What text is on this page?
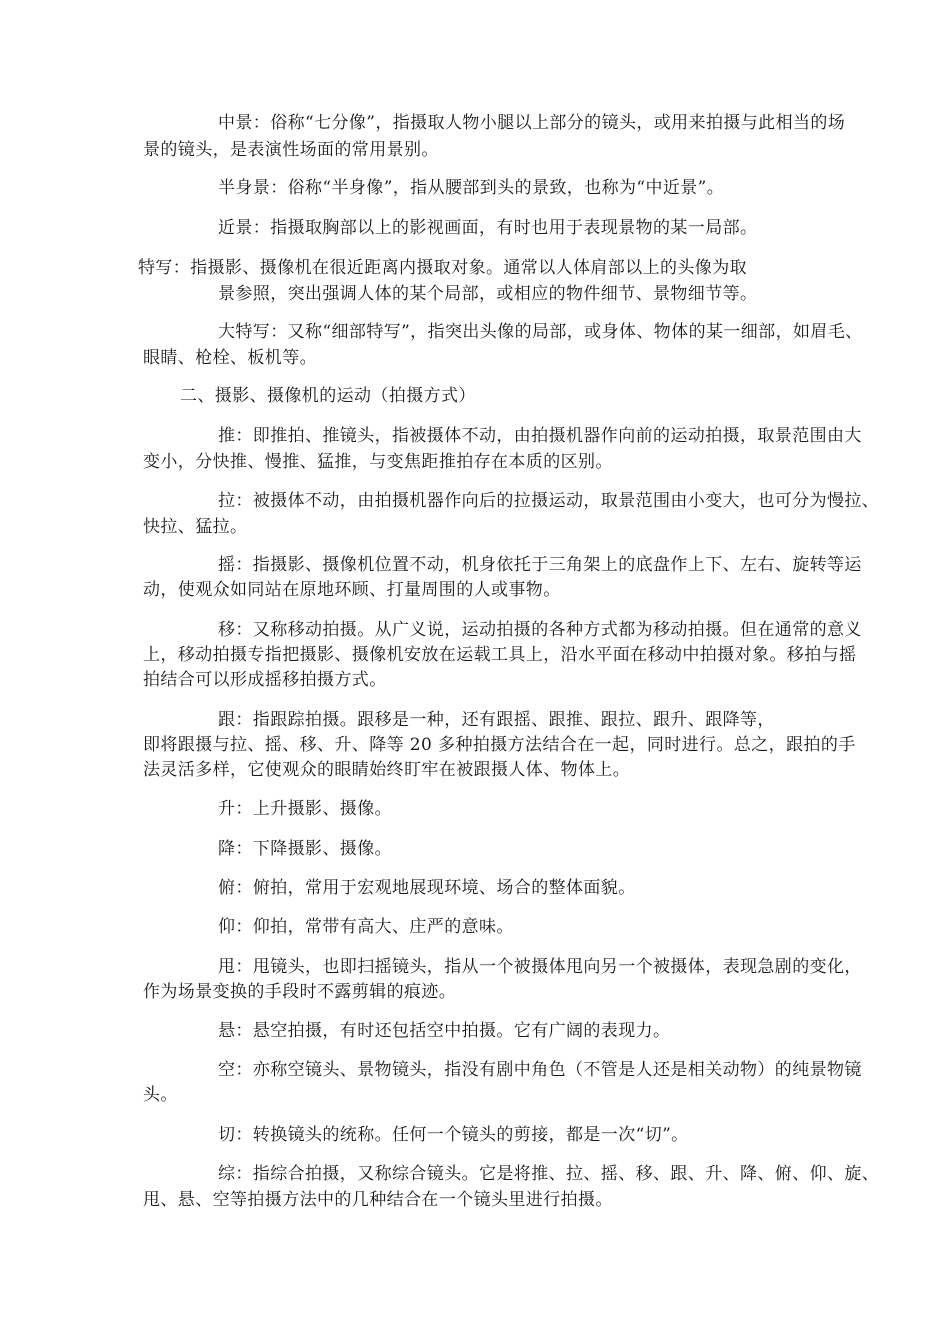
中景：俗称“七分像”，指摄取人物小腿以上部分的镜头，或用来拍摄与此相当的场
景的镜头，是表演性场面的常用景别。
半身景：俗称“半身像”，指从腰部到头的景致，也称为“中近景”。
近景：指摄取胸部以上的影视画面，有时也用于表现景物的某一局部。
特写：指摄影、摄像机在很近距离内摄取对象。通常以人体肩部以上的头像为取
景参照，突出强调人体的某个局部，或相应的物件细节、景物细节等。
大特写：又称“细部特写”，指突出头像的局部，或身体、物体的某一细部，如眉毛、
眼睛、枪栓、板机等。
二、摄影、摄像机的运动（拍摄方式）
推：即推拍、推镜头，指被摄体不动，由拍摄机器作向前的运动拍摄，取景范围由大
变小，分快推、慢推、猛推，与变焦距推拍存在本质的区别。
拉：被摄体不动，由拍摄机器作向后的拉摄运动，取景范围由小变大，也可分为慢拉、
快拉、猛拉。
摇：指摄影、摄像机位置不动，机身依托于三角架上的底盘作上下、左右、旋转等运
动，使观众如同站在原地环顾、打量周围的人或事物。
移：又称移动拍摄。从广义说，运动拍摄的各种方式都为移动拍摄。但在通常的意义
上，移动拍摄专指把摄影、摄像机安放在运载工具上，沿水平面在移动中拍摄对象。移拍与摇
拍结合可以形成摇移拍摄方式。
跟：指跟踪拍摄。跟移是一种，还有跟摇、跟推、跟拉、跟升、跟降等，
即将跟摄与拉、摇、移、升、降等 20 多种拍摄方法结合在一起，同时进行。总之，跟拍的手
法灵活多样，它使观众的眼睛始终盯牢在被跟摄人体、物体上。
升：上升摄影、摄像。
降：下降摄影、摄像。
俯：俯拍，常用于宏观地展现环境、场合的整体面貌。
仰：仰拍，常带有高大、庄严的意味。
甩：甩镜头，也即扫摇镜头，指从一个被摄体甩向另一个被摄体，表现急剧的变化，
作为场景变换的手段时不露剪辑的痕迹。
悬：悬空拍摄，有时还包括空中拍摄。它有广阔的表现力。
空：亦称空镜头、景物镜头，指没有剧中角色（不管是人还是相关动物）的纯景物镜
头。
切：转换镜头的统称。任何一个镜头的剪接，都是一次“切”。
综：指综合拍摄，又称综合镜头。它是将推、拉、摇、移、跟、升、降、俯、仰、旋、
甩、悬、空等拍摄方法中的几种结合在一个镜头里进行拍摄。
